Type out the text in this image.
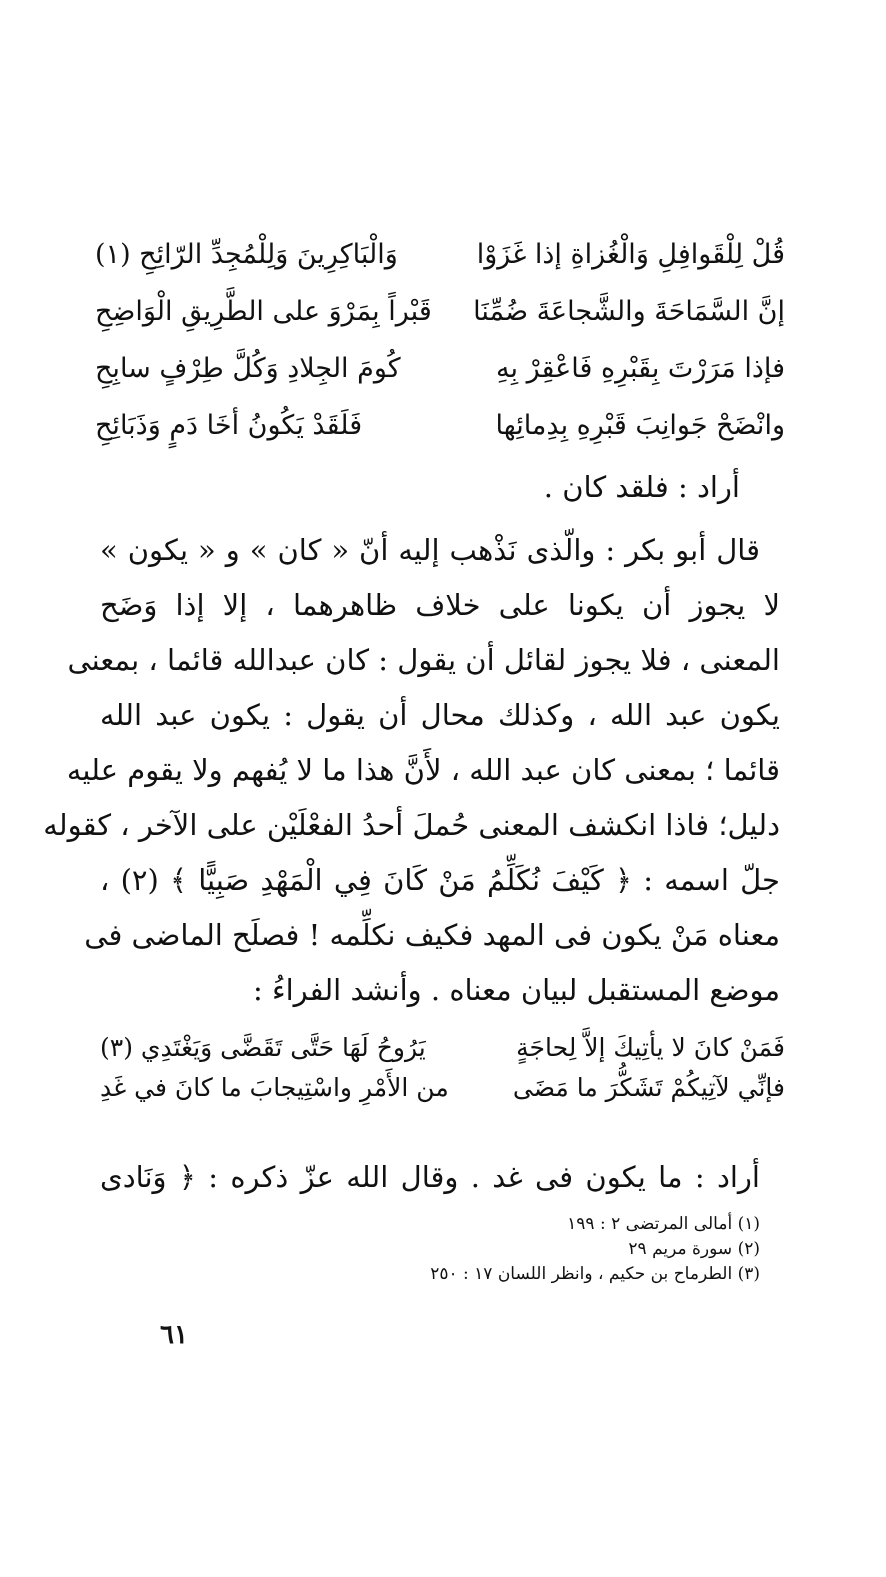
قُلْ لِلْقَوافِلِ وَالْغُزاةِ إذا غَزَوْا
وَالْبَاكِرِينَ وَلِلْمُجِدِّ الرّائِحِ (١)
إنَّ السَّمَاحَةَ والشَّجاعَةَ ضُمِّنَا
قَبْراً بِمَرْوَ على الطَّرِيقِ الْوَاضِحِ
فإذا مَرَرْتَ بِقَبْرِهِ فَاعْقِرْ بِهِ
كُومَ الجِلادِ وَكُلَّ طِرْفٍ سابِحِ
وانْضَحْ جَوانِبَ قَبْرِهِ بِدِمائِها
فَلَقَدْ يَكُونُ أخَا دَمٍ وَذَبَائِحِ
أراد : فلقد كان .
قال أبو بكر : والّذى نَذْهب إليه أنّ « كان » و « يكون »
لا يجوز أن يكونا على خلاف ظاهرهما ، إلا إذا وَضَح
المعنى ، فلا يجوز لقائل أن يقول : كان عبدالله قائما ، بمعنى
يكون عبد الله ، وكذلك محال أن يقول : يكون عبد الله
قائما ؛ بمعنى كان عبد الله ، لأَنَّ هذا ما لا يُفهم ولا يقوم عليه
دليل؛ فاذا انكشف المعنى حُملَ أحدُ الفعْلَيْن على الآخر ، كقوله
جلّ اسمه : ﴿ كَيْفَ نُكَلِّمُ مَنْ كَانَ فِي الْمَهْدِ صَبِيًّا ﴾ (٢) ،
معناه مَنْ يكون فى المهد فكيف نكلِّمه ! فصلَح الماضى فى
موضع المستقبل لبيان معناه . وأنشد الفراءُ :
فَمَنْ كانَ لا يأتِيكَ إلاَّ لِحاجَةٍ
يَرُوحُ لَهَا حَتَّى تَقَضَّى وَيَغْتَدِي (٣)
فإنِّي لآتِيكُمْ تَشَكُّرَ ما مَضَى
من الأَمْرِ واسْتِيجابَ ما كانَ في غَدِ
أراد : ما يكون فى غد . وقال الله عزّ ذكره : ﴿ وَنَادى
(١) أمالى المرتضى ٢ : ١٩٩
(٢) سورة مريم ٢٩
(٣) الطرماح بن حكيم ، وانظر اللسان ١٧ : ٢٥٠
٦١
